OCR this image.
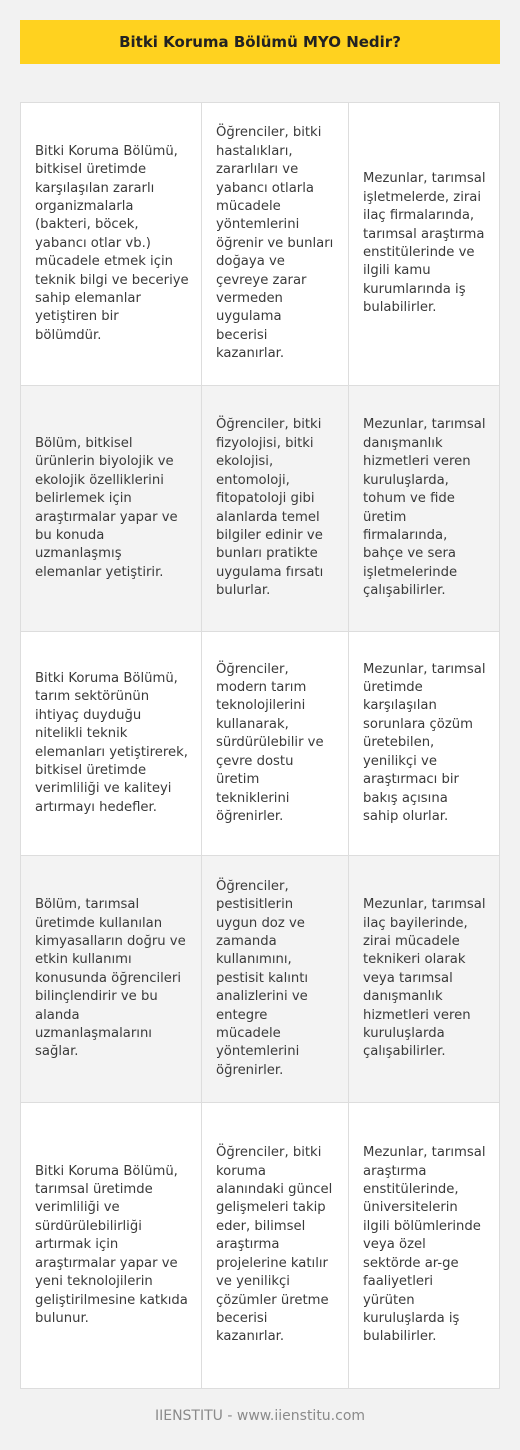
Bitki Koruma Bölümü MYO Nedir?
Bitki Koruma Bölümü, bitkisel üretimde karşılaşılan zararlı organizmalarla (bakteri, böcek, yabancı otlar vb.) mücadele etmek için teknik bilgi ve beceriye sahip elemanlar yetiştiren bir bölümdür.
Öğrenciler, bitki hastalıkları, zararlıları ve yabancı otlarla mücadele yöntemlerini öğrenir ve bunları doğaya ve çevreye zarar vermeden uygulama becerisi kazanırlar.
Mezunlar, tarımsal işletmelerde, zirai ilaç firmalarında, tarımsal araştırma enstitülerinde ve ilgili kamu kurumlarında iş bulabilirler.
Bölüm, bitkisel ürünlerin biyolojik ve ekolojik özelliklerini belirlemek için araştırmalar yapar ve bu konuda uzmanlaşmış elemanlar yetiştirir.
Öğrenciler, bitki fizyolojisi, bitki ekolojisi, entomoloji, fitopatoloji gibi alanlarda temel bilgiler edinir ve bunları pratikte uygulama fırsatı bulurlar.
Mezunlar, tarımsal danışmanlık hizmetleri veren kuruluşlarda, tohum ve fide üretim firmalarında, bahçe ve sera işletmelerinde çalışabilirler.
Bitki Koruma Bölümü, tarım sektörünün ihtiyaç duyduğu nitelikli teknik elemanları yetiştirerek, bitkisel üretimde verimliliği ve kaliteyi artırmayı hedefler.
Öğrenciler, modern tarım teknolojilerini kullanarak, sürdürülebilir ve çevre dostu üretim tekniklerini öğrenirler.
Mezunlar, tarımsal üretimde karşılaşılan sorunlara çözüm üretebilen, yenilikçi ve araştırmacı bir bakış açısına sahip olurlar.
Bölüm, tarımsal üretimde kullanılan kimyasalların doğru ve etkin kullanımı konusunda öğrencileri bilinçlendirir ve bu alanda uzmanlaşmalarını sağlar.
Öğrenciler, pestisitlerin uygun doz ve zamanda kullanımını, pestisit kalıntı analizlerini ve entegre mücadele yöntemlerini öğrenirler.
Mezunlar, tarımsal ilaç bayilerinde, zirai mücadele teknikeri olarak veya tarımsal danışmanlık hizmetleri veren kuruluşlarda çalışabilirler.
Bitki Koruma Bölümü, tarımsal üretimde verimliliği ve sürdürülebilirliği artırmak için araştırmalar yapar ve yeni teknolojilerin geliştirilmesine katkıda bulunur.
Öğrenciler, bitki koruma alanındaki güncel gelişmeleri takip eder, bilimsel araştırma projelerine katılır ve yenilikçi çözümler üretme becerisi kazanırlar.
Mezunlar, tarımsal araştırma enstitülerinde, üniversitelerin ilgili bölümlerinde veya özel sektörde ar-ge faaliyetleri yürüten kuruluşlarda iş bulabilirler.
IIENSTITU - www.iienstitu.com
